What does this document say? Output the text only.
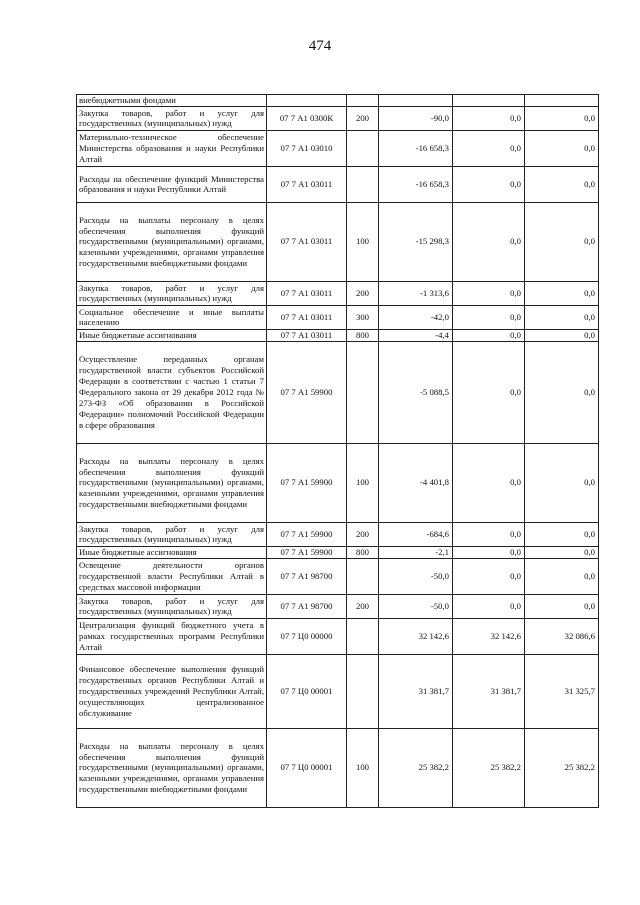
474
внебюджетными фондами					
Закупка товаров, работ и услуг для государственных (муниципальных) нужд	07 7 А1 0300К	200	-90,0	0,0	0,0
Материально-техническое обеспечение Министерства образования и науки Республики Алтай	07 7 А1 03010		-16 658,3	0,0	0,0
Расходы на обеспечение функций Министерства образования и науки Республики Алтай	07 7 А1 03011		-16 658,3	0,0	0,0
Расходы на выплаты персоналу в целях обеспечения выполнения функций государственными (муниципальными) органами, казенными учреждениями, органами управления государственными внебюджетными фондами	07 7 А1 03011	100	-15 298,3	0,0	0,0
Закупка товаров, работ и услуг для государственных (муниципальных) нужд	07 7 А1 03011	200	-1 313,6	0,0	0,0
Социальное обеспечение и иные выплаты населению	07 7 А1 03011	300	-42,0	0,0	0,0
Иные бюджетные ассигнования	07 7 А1 03011	800	-4,4	0,0	0,0
Осуществление переданных органам государственной власти субъектов Российской Федерации в соответствии с частью 1 статьи 7 Федерального закона от 29 декабря 2012 года № 273-ФЗ «Об образовании в Российской Федерации» полномочий Российской Федерации в сфере образования	07 7 А1 59900		-5 088,5	0,0	0,0
Расходы на выплаты персоналу в целях обеспечения выполнения функций государственными (муниципальными) органами, казенными учреждениями, органами управления государственными внебюджетными фондами	07 7 А1 59900	100	-4 401,8	0,0	0,0
Закупка товаров, работ и услуг для государственных (муниципальных) нужд	07 7 А1 59900	200	-684,6	0,0	0,0
Иные бюджетные ассигнования	07 7 А1 59900	800	-2,1	0,0	0,0
Освещение деятельности органов государственной власти Республики Алтай в средствах массовой информации	07 7 А1 98700		-50,0	0,0	0,0
Закупка товаров, работ и услуг для государственных (муниципальных) нужд	07 7 А1 98700	200	-50,0	0,0	0,0
Централизация функций бюджетного учета в рамках государственных программ Республики Алтай	07 7 Ц0 00000		32 142,6	32 142,6	32 086,6
Финансовое обеспечение выполнения функций государственных органов Республики Алтай и государственных учреждений Республики Алтай, осуществляющих централизованное обслуживание	07 7 Ц0 00001		31 381,7	31 381,7	31 325,7
Расходы на выплаты персоналу в целях обеспечения выполнения функций государственными (муниципальными) органами, казенными учреждениями, органами управления государственными внебюджетными фондами	07 7 Ц0 00001	100	25 382,2	25 382,2	25 382,2
